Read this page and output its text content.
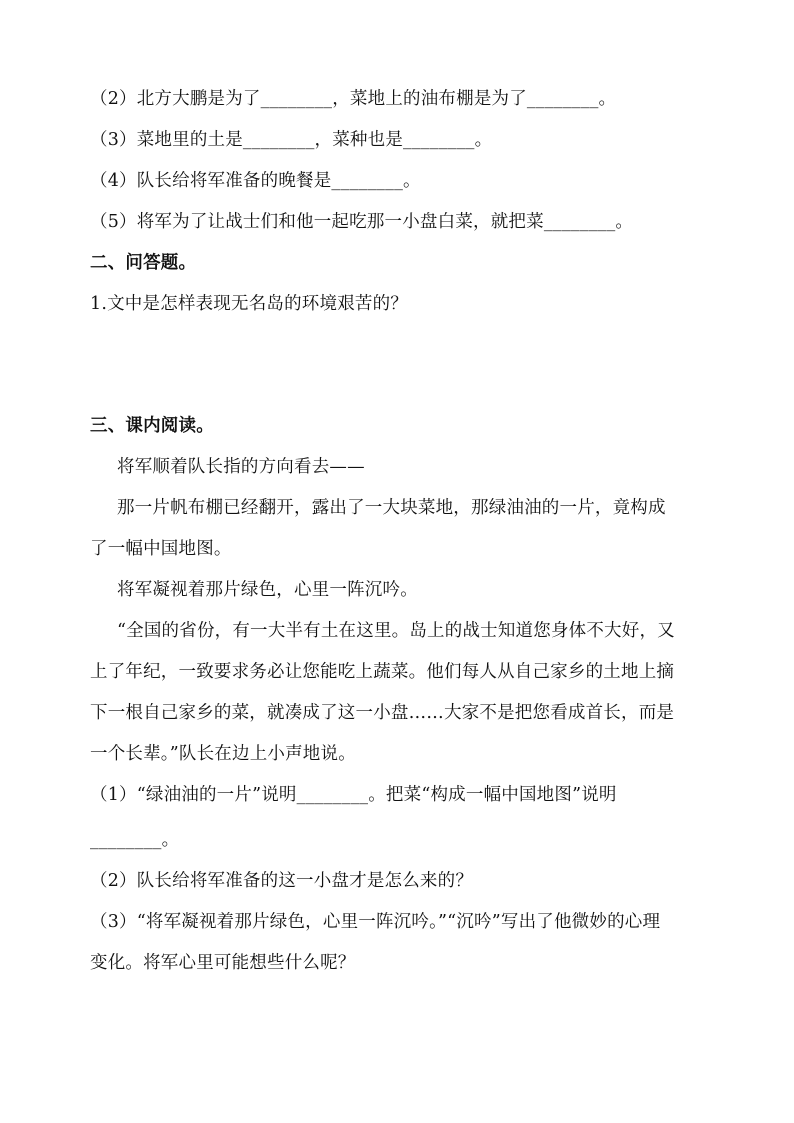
（2）北方大鹏是为了________，菜地上的油布棚是为了________。
（3）菜地里的土是________，菜种也是________。
（4）队长给将军准备的晚餐是________。
（5）将军为了让战士们和他一起吃那一小盘白菜，就把菜________。
二、问答题。
1.文中是怎样表现无名岛的环境艰苦的？
三、课内阅读。
将军顺着队长指的方向看去——
那一片帆布棚已经翻开，露出了一大块菜地，那绿油油的一片，竟构成
了一幅中国地图。
将军凝视着那片绿色，心里一阵沉吟。
“全国的省份，有一大半有土在这里。岛上的战士知道您身体不大好，又
上了年纪，一致要求务必让您能吃上蔬菜。他们每人从自己家乡的土地上摘
下一根自己家乡的菜，就凑成了这一小盘……大家不是把您看成首长，而是
一个长辈。”队长在边上小声地说。
（1）“绿油油的一片”说明________。把菜“构成一幅中国地图”说明
________。
（2）队长给将军准备的这一小盘才是怎么来的？
（3）“将军凝视着那片绿色，心里一阵沉吟。”“沉吟”写出了他微妙的心理
变化。将军心里可能想些什么呢？
